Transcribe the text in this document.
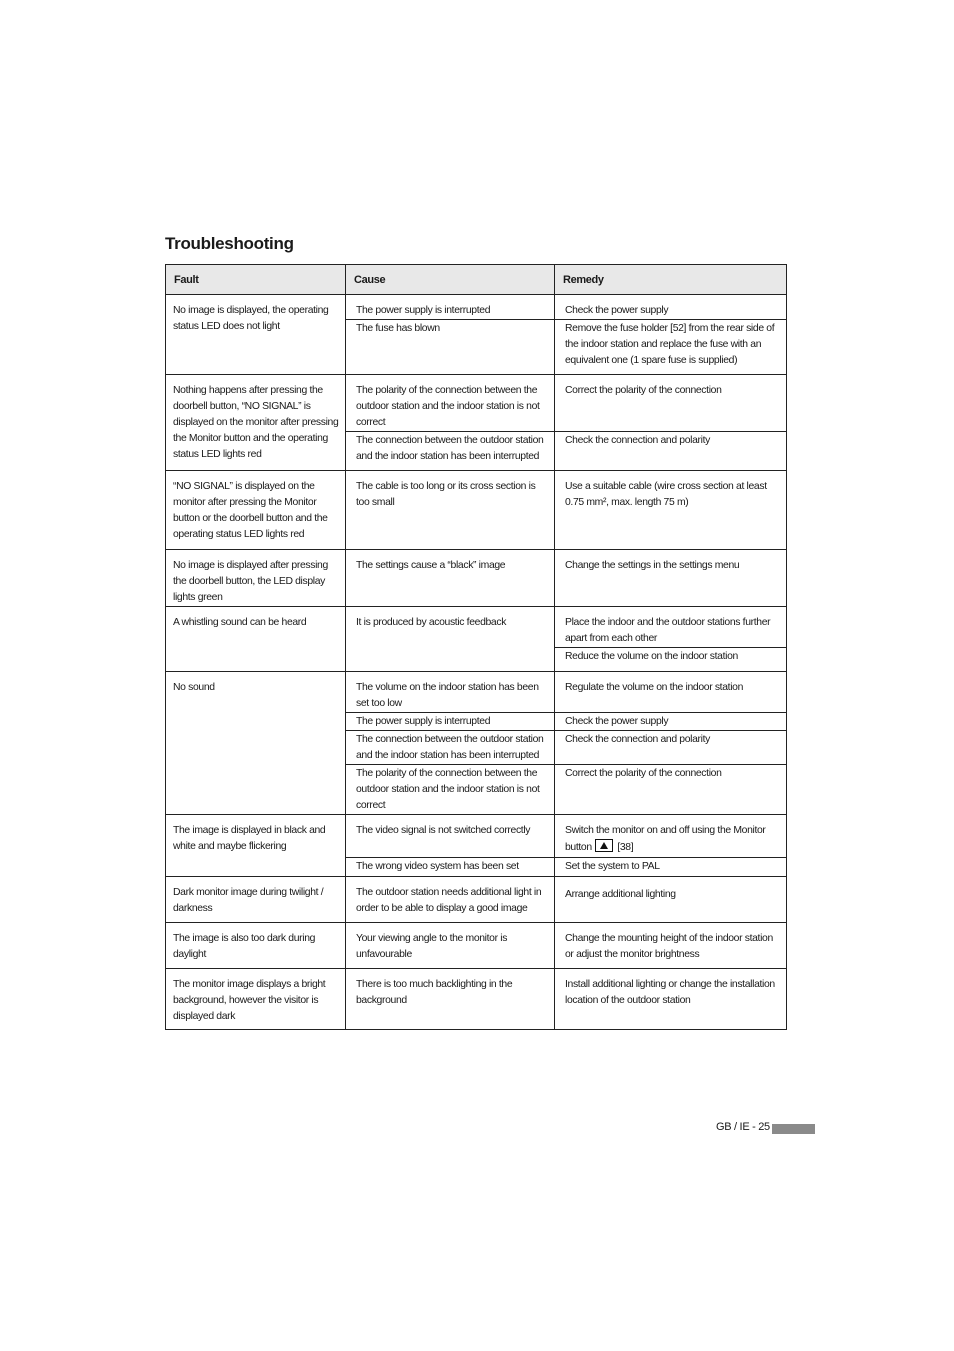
Troubleshooting
Fault	Cause	Remedy
No image is displayed, the operating status LED does not light	The power supply is interrupted	Check the power supply
	The fuse has blown	Remove the fuse holder [52] from the rear side of the indoor station and replace the fuse with an equivalent one (1 spare fuse is supplied)
Nothing happens after pressing the doorbell button, “NO SIGNAL” is displayed on the monitor after pressing the Monitor button and the operating status LED lights red	The polarity of the connection between the outdoor station and the indoor station is not correct	Correct the polarity of the connection
	The connection between the outdoor station and the indoor station has been interrupted	Check the connection and polarity
“NO SIGNAL” is displayed on the monitor after pressing the Monitor button or the doorbell button and the operating status LED lights red	The cable is too long or its cross section is too small	Use a suitable cable (wire cross section at least 0.75 mm², max. length 75 m)
No image is displayed after pressing the doorbell button, the LED display lights green	The settings cause a “black” image	Change the settings in the settings menu
A whistling sound can be heard	It is produced by acoustic feedback	Place the indoor and the outdoor stations further apart from each other
		Reduce the volume on the indoor station
No sound	The volume on the indoor station has been set too low	Regulate the volume on the indoor station
	The power supply is interrupted	Check the power supply
	The connection between the outdoor station and the indoor station has been interrupted	Check the connection and polarity
	The polarity of the connection between the outdoor station and the indoor station is not correct	Correct the polarity of the connection
The image is displayed in black and white and maybe flickering	The video signal is not switched correctly	Switch the monitor on and off using the Monitor button [38]
	The wrong video system has been set	Set the system to PAL
Dark monitor image during twilight / darkness	The outdoor station needs additional light in order to be able to display a good image	Arrange additional lighting
The image is also too dark during daylight	Your viewing angle to the monitor is unfavourable	Change the mounting height of the indoor station or adjust the monitor brightness
The monitor image displays a bright background, however the visitor is displayed dark	There is too much backlighting in the background	Install additional lighting or change the installation location of the outdoor station
GB / IE - 25
